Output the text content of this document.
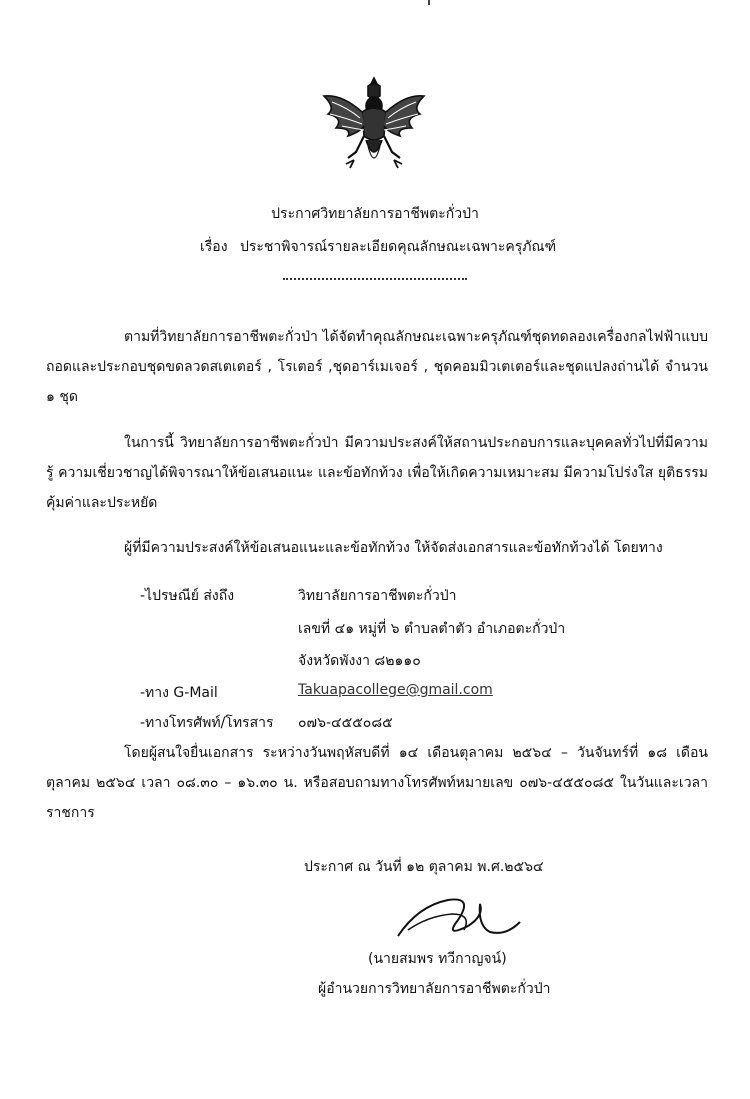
ประกาศวิทยาลัยการอาชีพตะกั่วป่า
เรื่อง ประชาพิจารณ์รายละเอียดคุณลักษณะเฉพาะครุภัณฑ์

ตามที่วิทยาลัยการอาชีพตะกั่วป่า ได้จัดทำคุณลักษณะเฉพาะครุภัณฑ์ชุดทดลองเครื่องกลไฟฟ้าแบบถอดและประกอบชุดขดลวดสเตเตอร์ , โรเตอร์ ,ชุดอาร์เมเจอร์ , ชุดคอมมิวเตเตอร์และชุดแปลงถ่านได้ จำนวน ๑ ชุด

ในการนี้ วิทยาลัยการอาชีพตะกั่วป่า มีความประสงค์ให้สถานประกอบการและบุคคลทั่วไปที่มีความรู้ ความเชี่ยวชาญได้พิจารณาให้ข้อเสนอแนะ และข้อทักท้วง เพื่อให้เกิดความเหมาะสม มีความโปร่งใส ยุติธรรม คุ้มค่าและประหยัด

ผู้ที่มีความประสงค์ให้ข้อเสนอแนะและข้อทักท้วง ให้จัดส่งเอกสารและข้อทักท้วงได้ โดยทาง
-ไปรษณีย์ ส่งถึง	วิทยาลัยการอาชีพตะกั่วป่า
เลขที่ ๔๑ หมู่ที่ ๖ ตำบลตำตัว อำเภอตะกั่วป่า
จังหวัดพังงา ๘๒๑๑๐
-ทาง G-Mail	Takuapacollege@gmail.com
-ทางโทรศัพท์/โทรสาร ๐๗๖-๔๕๕๐๘๕

โดยผู้สนใจยื่นเอกสาร ระหว่างวันพฤหัสบดีที่ ๑๔ เดือนตุลาคม ๒๕๖๔ – วันจันทร์ที่ ๑๘ เดือนตุลาคม ๒๕๖๔ เวลา ๐๘.๓๐ – ๑๖.๓๐ น. หรือสอบถามทางโทรศัพท์หมายเลข ๐๗๖-๔๕๕๐๘๕ ในวันและเวลาราชการ

ประกาศ ณ วันที่ ๑๒ ตุลาคม พ.ศ.๒๕๖๔
(นายสมพร ทวีกาญจน์)
ผู้อำนวยการวิทยาลัยการอาชีพตะกั่วป่า
